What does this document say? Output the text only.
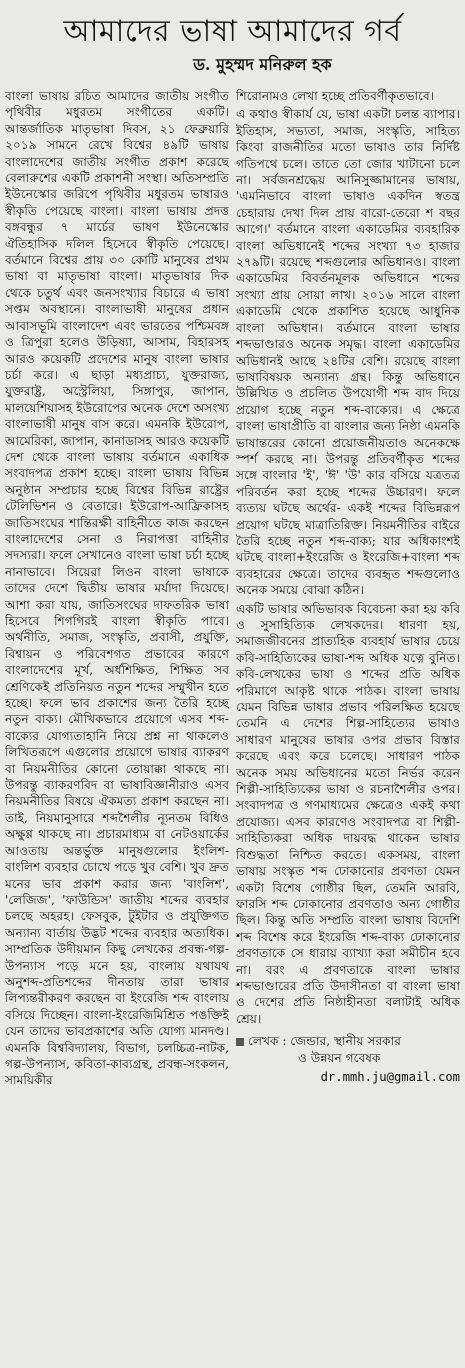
আমাদের ভাষা আমাদের গর্ব
ড. মুহম্মদ মনিরুল হক

বাংলা ভাষায় রচিত আমাদের জাতীয় সংগীত পৃথিবীর মধুরতম সংগীতের একটি। আন্তর্জাতিক মাতৃভাষা দিবস, ২১ ফেব্রুয়ারি ২০১৯ সামনে রেখে বিশ্বের ৪৯টি ভাষায় বাংলাদেশের জাতীয় সংগীত প্রকাশ করেছে বেলারুশের একটি প্রকাশনী সংস্থা। অতিসম্প্রতি ইউনেস্কোর জরিপে পৃথিবীর মধুরতম ভাষারও স্বীকৃতি পেয়েছে বাংলা। বাংলা ভাষায় প্রদত্ত বঙ্গবন্ধুর ৭ মার্চের ভাষণ ইউনেস্কোর ঐতিহাসিক দলিল হিসেবে স্বীকৃতি পেয়েছে। বর্তমানে বিশ্বের প্রায় ৩০ কোটি মানুষের প্রথম ভাষা বা মাতৃভাষা বাংলা। মাতৃভাষার দিক থেকে চতুর্থ এবং জনসংখ্যার বিচারে এ ভাষা সপ্তম অবস্থানে। বাংলাভাষী মানুষের প্রধান আবাসভূমি বাংলাদেশ এবং ভারতের পশ্চিমবঙ্গ ও ত্রিপুরা হলেও উড়িষ্যা, আসাম, বিহারসহ আরও কয়েকটি প্রদেশের মানুষ বাংলা ভাষার চর্চা করে। এ ছাড়া মধ্যপ্রাচ্য, যুক্তরাজ্য, যুক্তরাষ্ট্র, অস্ট্রেলিয়া, সিঙ্গাপুর, জাপান, মালয়েশিয়াসহ ইউরোপের অনেক দেশে অসংখ্য বাংলাভাষী মানুষ বাস করে। এমনকি ইউরোপ, আমেরিকা, জাপান, কানাডাসহ আরও কয়েকটি দেশ থেকে বাংলা ভাষায় বর্তমানে একাধিক সংবাদপত্র প্রকাশ হচ্ছে। বাংলা ভাষায় বিভিন্ন অনুষ্ঠান সম্প্রচার হচ্ছে বিশ্বের বিভিন্ন রাষ্ট্রের টেলিভিশন ও বেতারে। ইউরোপ-আফ্রিকাসহ জাতিসংঘের শান্তিরক্ষী বাহিনীতে কাজ করছেন বাংলাদেশের সেনা ও নিরাপত্তা বাহিনীর সদস্যরা। ফলে সেখানেও বাংলা ভাষা চর্চা হচ্ছে নানাভাবে। সিয়েরা লিওন বাংলা ভাষাকে তাদের দেশে দ্বিতীয় ভাষার মর্যাদা দিয়েছে। আশা করা যায়, জাতিসংঘের দাফতরিক ভাষা হিসেবে শিগগিরই বাংলা স্বীকৃতি পাবে। অর্থনীতি, সমাজ, সংস্কৃতি, প্রবাসী, প্রযুক্তি, বিশ্বায়ন ও পরিবেশগত প্রভাবের কারণে বাংলাদেশের মূর্খ, অর্ধশিক্ষিত, শিক্ষিত সব শ্রেণিকেই প্রতিনিয়ত নতুন শব্দের সম্মুখীন হতে হচ্ছে। ফলে ভাব প্রকাশের জন্য তৈরি হচ্ছে নতুন বাক্য। মৌখিকভাবে প্রয়োগে এসব শব্দ-বাক্যের যোগ্যতাহানি নিয়ে প্রশ্ন না থাকলেও লিখিতরূপে এগুলোর প্রয়োগে ভাষার ব্যাকরণ বা নিয়মনীতির কোনো তোয়াক্কা থাকছে না। উপরন্তু ব্যাকরণবিদ বা ভাষাবিজ্ঞানীরাও এসব নিয়মনীতির বিষয়ে ঐকমত্য প্রকাশ করছেন না। তাই, নিয়মানুসারে শব্দশৈলীর ন্যূনতম বিধিও অক্ষুণ্ণ থাকছে না। প্রচারমাধ্যম বা নেটওয়ার্কের আওতায় অন্তর্ভুক্ত মানুষগুলোর ইংলিশ-বাংলিশ ব্যবহার চোখে পড়ে খুব বেশি। খুব দ্রুত মনের ভাব প্রকাশ করার জন্য 'বাংলিশ', 'লেজিজ', 'ফাউন্ডিস' জাতীয় শব্দের ব্যবহার চলছে অহরহ। ফেসবুক, টুইটার ও প্রযুক্তিগত অন্যান্য বার্তায় উদ্ভট শব্দের ব্যবহার অত্যধিক। সাম্প্রতিক উদীয়মান কিছু লেখকের প্রবন্ধ-গল্প-উপন্যাস পড়ে মনে হয়, বাংলায় যথাযথ অনুশব্দ-প্রতিশব্দের দীনতায় তারা ভাষার লিপ্যন্তরীকরণ করছেন বা ইংরেজি শব্দ বাংলায় বসিয়ে দিচ্ছেন। বাংলা-ইংরেজিমিশ্রিত পঙক্তিই যেন তাদের ভাবপ্রকাশের অতি যোগ্য মানদণ্ড। এমনকি বিশ্ববিদ্যালয়, বিভাগ, চলচ্চিত্র-নাটক, গল্প-উপন্যাস, কবিতা-কাব্যগ্রন্থ, প্রবন্ধ-সংকলন, সাময়িকীর

শিরোনামও লেখা হচ্ছে প্রতিবর্ণীকৃতভাবে।

এ কথাও স্বীকার্য যে, ভাষা একটা চলন্ত ব্যাপার। ইতিহাস, সভ্যতা, সমাজ, সংস্কৃতি, সাহিত্য কিংবা রাজনীতির মতো ভাষাও তার নির্দিষ্ট গতিপথে চলে। তাতে তো জোর খাটানো চলে না। সর্বজনশ্রদ্ধেয় আনিসুজ্জামানের ভাষায়, 'এমনিভাবে বাংলা ভাষাও একদিন স্বতন্ত্র চেহারায় দেখা দিল প্রায় বারো-তেরো শ বছর আগে।' বর্তমানে বাংলা একাডেমির ব্যবহারিক বাংলা অভিধানেই শব্দের সংখ্যা ৭৩ হাজার ২৭৯টি। রয়েছে শব্দগুলোর অভিধানও। বাংলা একাডেমির বিবর্তনমূলক অভিধানে শব্দের সংখ্যা প্রায় সোয়া লাখ। ২০১৬ সালে বাংলা একাডেমি থেকে প্রকাশিত হয়েছে আধুনিক বাংলা অভিধান। বর্তমানে বাংলা ভাষার শব্দভাণ্ডারও অনেক সমৃদ্ধ। বাংলা একাডেমির অভিধানই আছে ২৪টির বেশি। রয়েছে বাংলা ভাষাবিষয়ক অন্যান্য গ্রন্থ। কিন্তু অভিধানে উল্লিখিত ও প্রচলিত উপযোগী শব্দ বাদ দিয়ে প্রয়োগ হচ্ছে নতুন শব্দ-বাক্যের। এ ক্ষেত্রে বাংলা ভাষাপ্রীতি বা বাংলার জন্য নিষ্ঠা এমনকি ভাষান্তরের কোনো প্রয়োজনীয়তাও অনেকক্ষে স্পর্শ করছে না। উপরন্তু প্রতিবর্ণীকৃত শব্দের সঙ্গে বাংলার 'ই', 'ঈ' 'উ' কার বসিয়ে যত্রতত্র পরিবর্তন করা হচ্ছে শব্দের উচ্চারণ। ফলে ব্যত্যয় ঘটছে অর্থের- একই শব্দের বিভিন্নরূপ প্রয়োগ ঘটছে মাত্রাতিরিক্ত। নিয়মনীতির বাইরে তৈরি হচ্ছে নতুন শব্দ-বাক্য; যার অধিকাংশই ঘটছে বাংলা+ইংরেজি ও ইংরেজি+বাংলা শব্দ ব্যবহারের ক্ষেত্রে। তাদের ব্যবহৃত শব্দগুলোও অনেক সময়ে বোঝা কঠিন।

একটি ভাষার অভিভাবক বিবেচনা করা হয় কবি ও সুসাহিত্যিক লেখকদের। ধারণা হয়, সমাজজীবনের প্রাত্যহিক ব্যবহার্য ভাষার চেয়ে কবি-সাহিত্যিকের ভাষা-শব্দ অধিক যত্নে বুনিত। কবি-লেখকের ভাষা ও শব্দের প্রতি অধিক পরিমাণে আকৃষ্ট থাকে পাঠক। বাংলা ভাষায় যেমন বিভিন্ন ভাষার প্রভাব পরিলক্ষিত হয়েছে তেমনি এ দেশের শিল্প-সাহিত্যের ভাষাও সাধারণ মানুষের ভাষার ওপর প্রভাব বিস্তার করেছে এবং করে চলেছে। সাধারণ পাঠক অনেক সময় অভিধানের মতো নির্ভর করেন শিল্পী-সাহিত্যিকের ভাষা ও রচনাশৈলীর ওপর। সংবাদপত্র ও গণমাধ্যমের ক্ষেত্রেও একই কথা প্রযোজ্য। এসব কারণেও সংবাদপত্র বা শিল্পী-সাহিত্যিকরা অধিক দায়বদ্ধ থাকেন ভাষার বিশুদ্ধতা নিশ্চিত করতে। একসময়, বাংলা ভাষায় সংস্কৃত শব্দ ঢোকানোর প্রবণতা যেমন একটা বিশেষ গোষ্ঠীর ছিল, তেমনি আরবি, ফারসি শব্দ ঢোকানোর প্রবণতাও অন্য গোষ্ঠীর ছিল। কিন্তু অতি সম্প্রতি বাংলা ভাষায় বিদেশি শব্দ বিশেষ করে ইংরেজি শব্দ-বাক্য ঢোকানোর প্রবণতাকে সে ধারায় ব্যাখ্যা করা সমীচীন হবে না। বরং এ প্রবণতাকে বাংলা ভাষার শব্দভাণ্ডারের প্রতি উদাসীনতা বা বাংলা ভাষা ও দেশের প্রতি নিষ্ঠাহীনতা বলাটাই অধিক শ্রেয়।

লেখক : জেন্ডার, স্থানীয় সরকার
ও উন্নয়ন গবেষক
dr.mmh.ju@gmail.com
